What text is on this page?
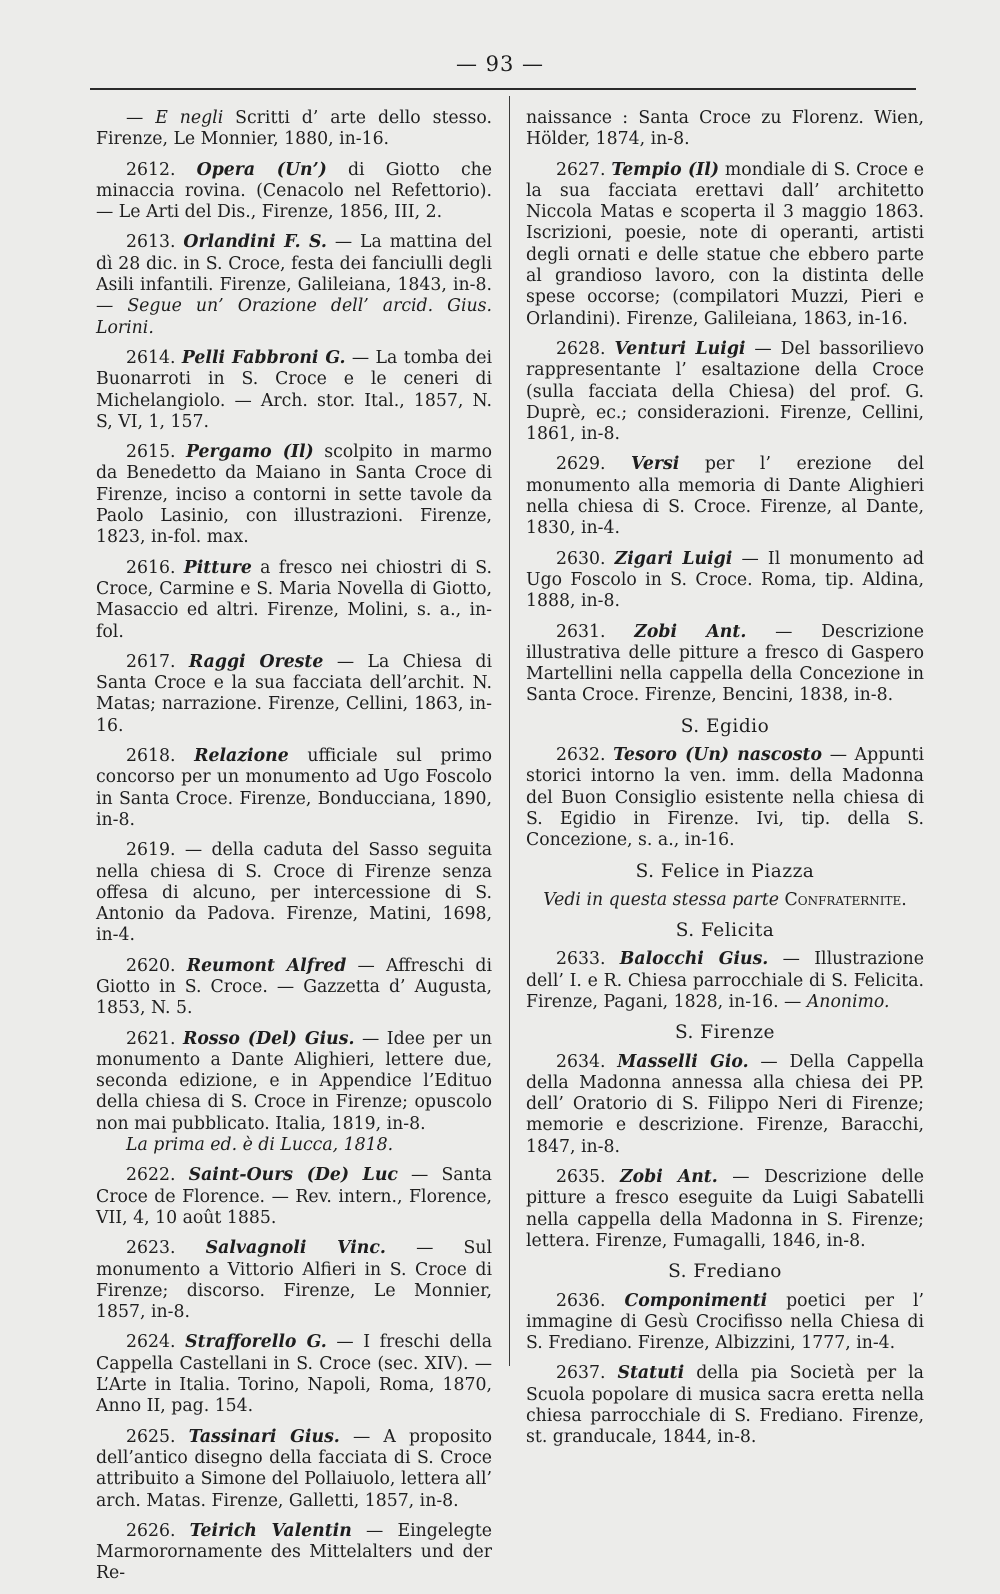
— 93 —

— E negli Scritti d’ arte dello stesso. Firenze, Le Monnier, 1880, in-16.

2612. Opera (Un’) di Giotto che minaccia rovina. (Cenacolo nel Refettorio). — Le Arti del Dis., Firenze, 1856, III, 2.

2613. Orlandini F. S. — La mattina del dì 28 dic. in S. Croce, festa dei fanciulli degli Asili infantili. Firenze, Galileiana, 1843, in-8. — Segue un’ Orazione dell’ arcid. Gius. Lorini.

2614. Pelli Fabbroni G. — La tomba dei Buonarroti in S. Croce e le ceneri di Michelangiolo. — Arch. stor. Ital., 1857, N. S, VI, 1, 157.

2615. Pergamo (Il) scolpito in marmo da Benedetto da Maiano in Santa Croce di Firenze, inciso a contorni in sette tavole da Paolo Lasinio, con illustrazioni. Firenze, 1823, in-fol. max.

2616. Pitture a fresco nei chiostri di S. Croce, Carmine e S. Maria Novella di Giotto, Masaccio ed altri. Firenze, Molini, s. a., in-fol.

2617. Raggi Oreste — La Chiesa di Santa Croce e la sua facciata dell’archit. N. Matas; narrazione. Firenze, Cellini, 1863, in-16.

2618. Relazione ufficiale sul primo concorso per un monumento ad Ugo Foscolo in Santa Croce. Firenze, Bonducciana, 1890, in-8.

2619. — della caduta del Sasso seguita nella chiesa di S. Croce di Firenze senza offesa di alcuno, per intercessione di S. Antonio da Padova. Firenze, Matini, 1698, in-4.

2620. Reumont Alfred — Affreschi di Giotto in S. Croce. — Gazzetta d’ Augusta, 1853, N. 5.

2621. Rosso (Del) Gius. — Idee per un monumento a Dante Alighieri, lettere due, seconda edizione, e in Appendice l’Edituo della chiesa di S. Croce in Firenze; opuscolo non mai pubblicato. Italia, 1819, in-8.
La prima ed. è di Lucca, 1818.

2622. Saint-Ours (De) Luc — Santa Croce de Florence. — Rev. intern., Florence, VII, 4, 10 août 1885.

2623. Salvagnoli Vinc. — Sul monumento a Vittorio Alfieri in S. Croce di Firenze; discorso. Firenze, Le Monnier, 1857, in-8.

2624. Strafforello G. — I freschi della Cappella Castellani in S. Croce (sec. XIV). — L’Arte in Italia. Torino, Napoli, Roma, 1870, Anno II, pag. 154.

2625. Tassinari Gius. — A proposito dell’antico disegno della facciata di S. Croce attribuito a Simone del Pollaiuolo, lettera all’ arch. Matas. Firenze, Galletti, 1857, in-8.

2626. Teirich Valentin — Eingelegte Marmorornamente des Mittelalters und der Re-

naissance : Santa Croce zu Florenz. Wien, Hölder, 1874, in-8.

2627. Tempio (Il) mondiale di S. Croce e la sua facciata erettavi dall’ architetto Niccola Matas e scoperta il 3 maggio 1863. Iscrizioni, poesie, note di operanti, artisti degli ornati e delle statue che ebbero parte al grandioso lavoro, con la distinta delle spese occorse; (compilatori Muzzi, Pieri e Orlandini). Firenze, Galileiana, 1863, in-16.

2628. Venturi Luigi — Del bassorilievo rappresentante l’ esaltazione della Croce (sulla facciata della Chiesa) del prof. G. Duprè, ec.; considerazioni. Firenze, Cellini, 1861, in-8.

2629. Versi per l’ erezione del monumento alla memoria di Dante Alighieri nella chiesa di S. Croce. Firenze, al Dante, 1830, in-4.

2630. Zigari Luigi — Il monumento ad Ugo Foscolo in S. Croce. Roma, tip. Aldina, 1888, in-8.

2631. Zobi Ant. — Descrizione illustrativa delle pitture a fresco di Gaspero Martellini nella cappella della Concezione in Santa Croce. Firenze, Bencini, 1838, in-8.

S. Egidio

2632. Tesoro (Un) nascosto — Appunti storici intorno la ven. imm. della Madonna del Buon Consiglio esistente nella chiesa di S. Egidio in Firenze. Ivi, tip. della S. Concezione, s. a., in-16.

S. Felice in Piazza

Vedi in questa stessa parte Confraternite.

S. Felicita

2633. Balocchi Gius. — Illustrazione dell’ I. e R. Chiesa parrocchiale di S. Felicita. Firenze, Pagani, 1828, in-16. — Anonimo.

S. Firenze

2634. Masselli Gio. — Della Cappella della Madonna annessa alla chiesa dei PP. dell’ Oratorio di S. Filippo Neri di Firenze; memorie e descrizione. Firenze, Baracchi, 1847, in-8.

2635. Zobi Ant. — Descrizione delle pitture a fresco eseguite da Luigi Sabatelli nella cappella della Madonna in S. Firenze; lettera. Firenze, Fumagalli, 1846, in-8.

S. Frediano

2636. Componimenti poetici per l’ immagine di Gesù Crocifisso nella Chiesa di S. Frediano. Firenze, Albizzini, 1777, in-4.

2637. Statuti della pia Società per la Scuola popolare di musica sacra eretta nella chiesa parrocchiale di S. Frediano. Firenze, st. granducale, 1844, in-8.
